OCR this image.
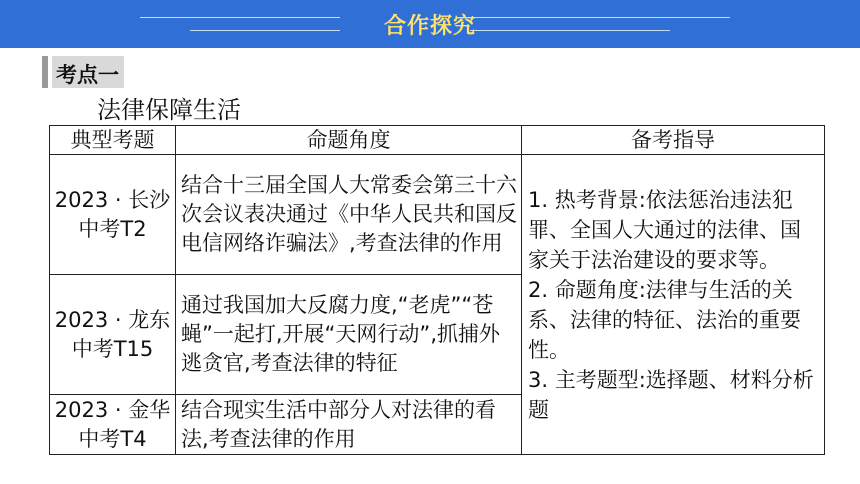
合作探究
考点一
法律保障生活
典型考题	命题角度	备考指导
2023 · 长沙中考T2	结合十三届全国人大常委会第三十六次会议表决通过《中华人民共和国反电信网络诈骗法》,考查法律的作用	1. 热考背景:依法惩治违法犯罪、全国人大通过的法律、国家关于法治建设的要求等。
2. 命题角度:法律与生活的关系、法律的特征、法治的重要性。
3. 主考题型:选择题、材料分析题

2023 · 龙东中考T15	通过我国加大反腐力度,“老虎”“苍蝇”一起打,开展“天网行动”,抓捕外逃贪官,考查法律的特征	
2023 · 金华中考T4	结合现实生活中部分人对法律的看法,考查法律的作用	
